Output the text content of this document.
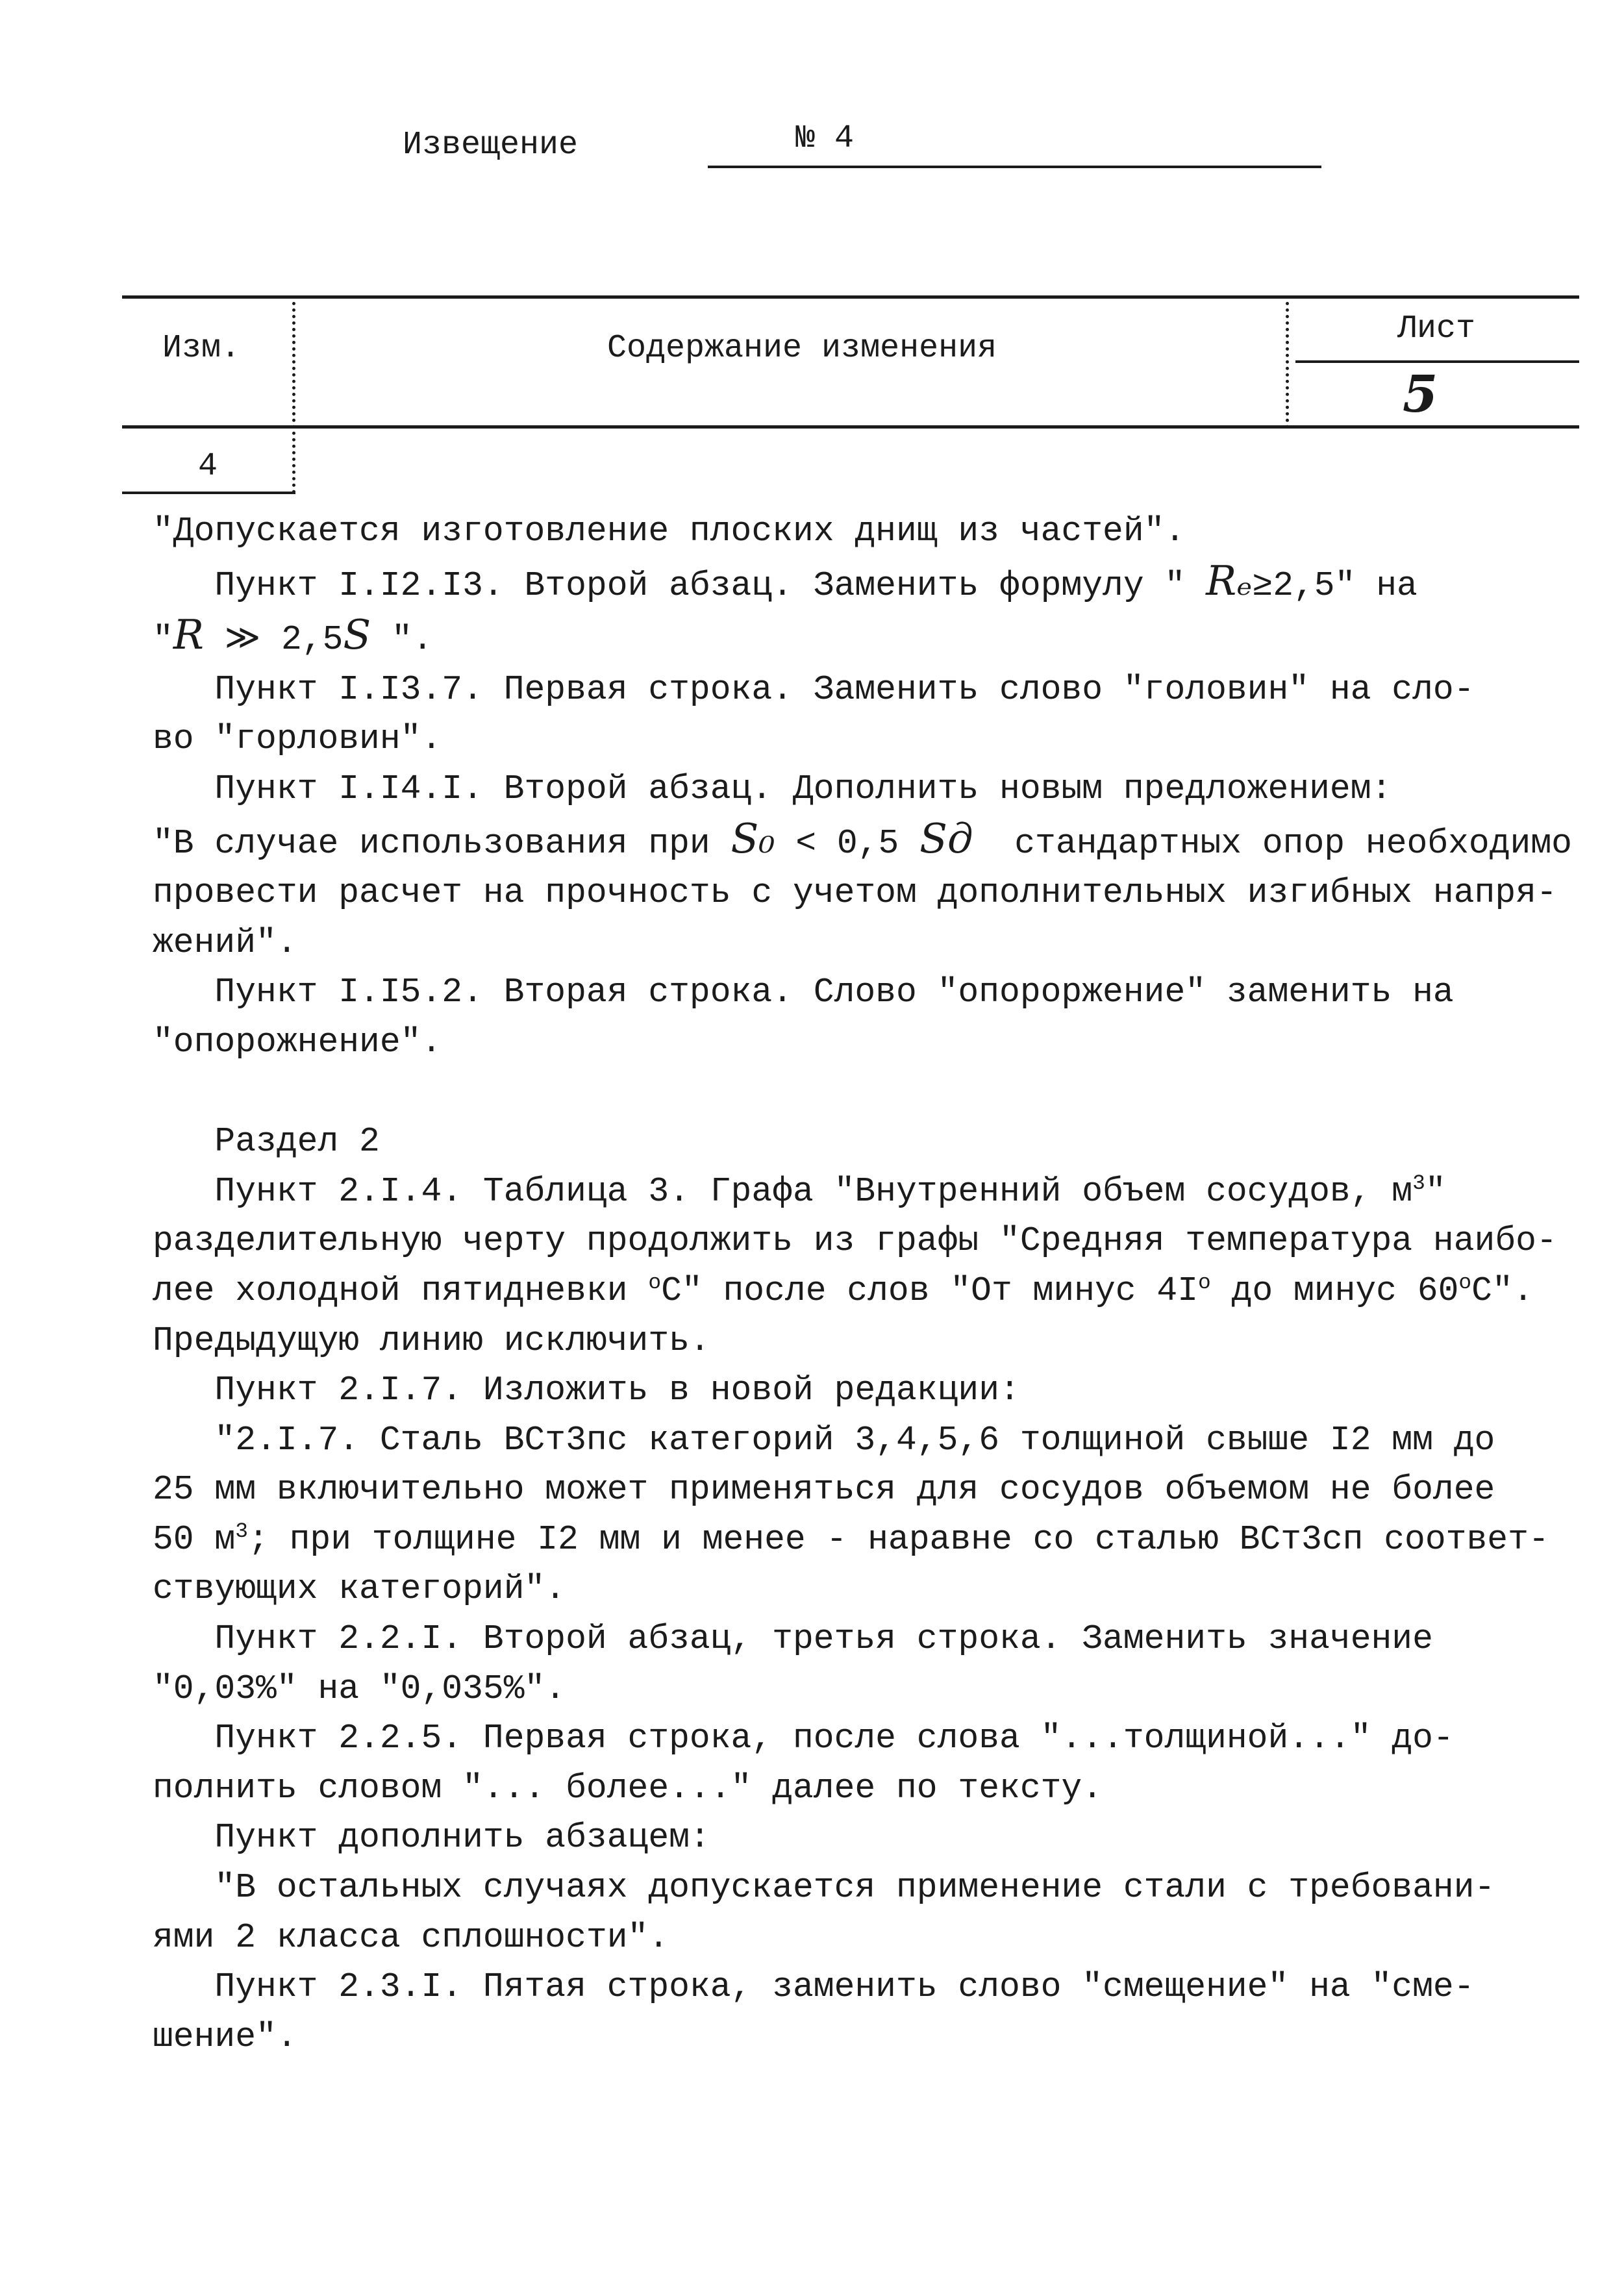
Извещение	№ 4
Изм.	Содержание изменения
Лист
5
4

"Допускается изготовление плоских днищ из частей".

Пункт I.I2.I3. Второй абзац. Заменить формулу " Rₑ≥2,5" на

"R ≫ 2,5S ".

Пункт I.I3.7. Первая строка. Заменить слово "головин" на сло-

во "горловин".

Пункт I.I4.I. Второй абзац. Дополнить новым предложением:

"В случае использования при S₀ < 0,5 Sд  стандартных опор необходимо

провести расчет на прочность с учетом дополнительных изгибных напря-

жений".

Пункт I.I5.2. Вторая строка. Слово "опороржение" заменить на

"опорожнение".

Раздел 2

Пункт 2.I.4. Таблица 3. Графа "Внутренний объем сосудов, $м^3$"

разделительную черту продолжить из графы "Средняя температура наибо-

лее холодной пятидневки $^o$C" после слов "От минус $4I^o$ до минус 60$^o$C".

Предыдущую линию исключить.

Пункт 2.I.7. Изложить в новой редакции:

"2.I.7. Сталь ВСт3пс категорий 3,4,5,6 толщиной свыше I2 мм до

25 мм включительно может применяться для сосудов объемом не более

50 $м^3$; при толщине I2 мм и менее - наравне со сталью ВСт3сп соответ-

ствующих категорий".

Пункт 2.2.I. Второй абзац, третья строка. Заменить значение

"0,03%" на "0,035%".

Пункт 2.2.5. Первая строка, после слова "...толщиной..." до-

полнить словом "... более..." далее по тексту.

Пункт дополнить абзацем:

"В остальных случаях допускается применение стали с требовани-

ями 2 класса сплошности".

Пункт 2.3.I. Пятая строка, заменить слово "смещение" на "сме-

шение".
